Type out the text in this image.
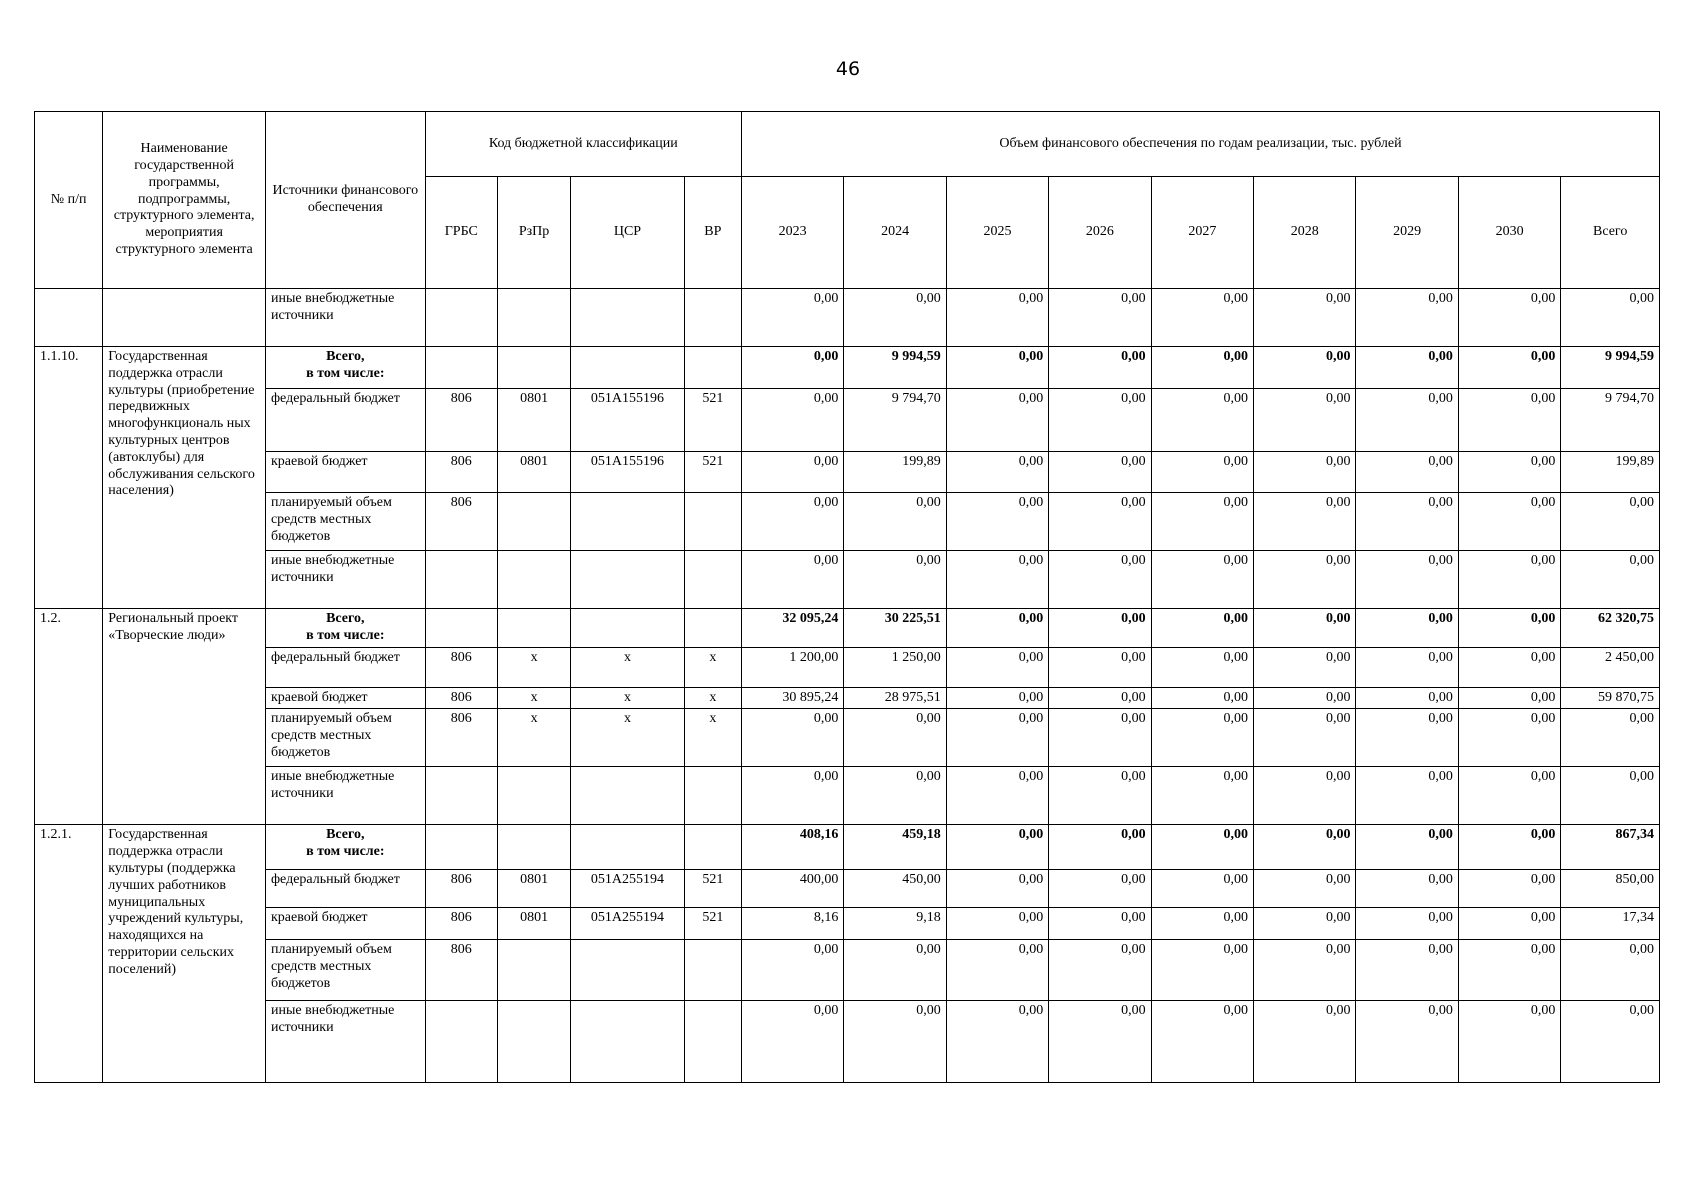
46
№ п/п	Наименование государственной программы, подпрограммы, структурного элемента, мероприятия структурного элемента	Источники финансового обеспечения	Код бюджетной классификации				Объем финансового обеспечения по годам реализации, тыс. рублей								
			ГРБС	РзПр	ЦСР	ВР	2023	2024	2025	2026	2027	2028	2029	2030	Всего
		иные внебюджетные источники					0,00	0,00	0,00	0,00	0,00	0,00	0,00	0,00	0,00
1.1.10.	Государственная поддержка отрасли культуры (приобретение передвижных многофункциональ ных культурных центров (автоклубы) для обслуживания сельского населения)	Всего,
в том числе:					0,00	9 994,59	0,00	0,00	0,00	0,00	0,00	0,00	9 994,59
		федеральный бюджет	806	0801	051A155196	521	0,00	9 794,70	0,00	0,00	0,00	0,00	0,00	0,00	9 794,70
		краевой бюджет	806	0801	051A155196	521	0,00	199,89	0,00	0,00	0,00	0,00	0,00	0,00	199,89
		планируемый объем средств местных бюджетов	806				0,00	0,00	0,00	0,00	0,00	0,00	0,00	0,00	0,00
		иные внебюджетные источники					0,00	0,00	0,00	0,00	0,00	0,00	0,00	0,00	0,00
1.2.	Региональный проект «Творческие люди»	Всего,
в том числе:					32 095,24	30 225,51	0,00	0,00	0,00	0,00	0,00	0,00	62 320,75
		федеральный бюджет	806	x	x	x	1 200,00	1 250,00	0,00	0,00	0,00	0,00	0,00	0,00	2 450,00
		краевой бюджет	806	x	x	x	30 895,24	28 975,51	0,00	0,00	0,00	0,00	0,00	0,00	59 870,75
		планируемый объем средств местных бюджетов	806	x	x	x	0,00	0,00	0,00	0,00	0,00	0,00	0,00	0,00	0,00
		иные внебюджетные источники					0,00	0,00	0,00	0,00	0,00	0,00	0,00	0,00	0,00
1.2.1.	Государственная поддержка отрасли культуры (поддержка лучших работников муниципальных учреждений культуры, находящихся на территории сельских поселений)	Всего,
в том числе:					408,16	459,18	0,00	0,00	0,00	0,00	0,00	0,00	867,34
		федеральный бюджет	806	0801	051A255194	521	400,00	450,00	0,00	0,00	0,00	0,00	0,00	0,00	850,00
		краевой бюджет	806	0801	051A255194	521	8,16	9,18	0,00	0,00	0,00	0,00	0,00	0,00	17,34
		планируемый объем средств местных бюджетов	806				0,00	0,00	0,00	0,00	0,00	0,00	0,00	0,00	0,00
		иные внебюджетные источники					0,00	0,00	0,00	0,00	0,00	0,00	0,00	0,00	0,00
